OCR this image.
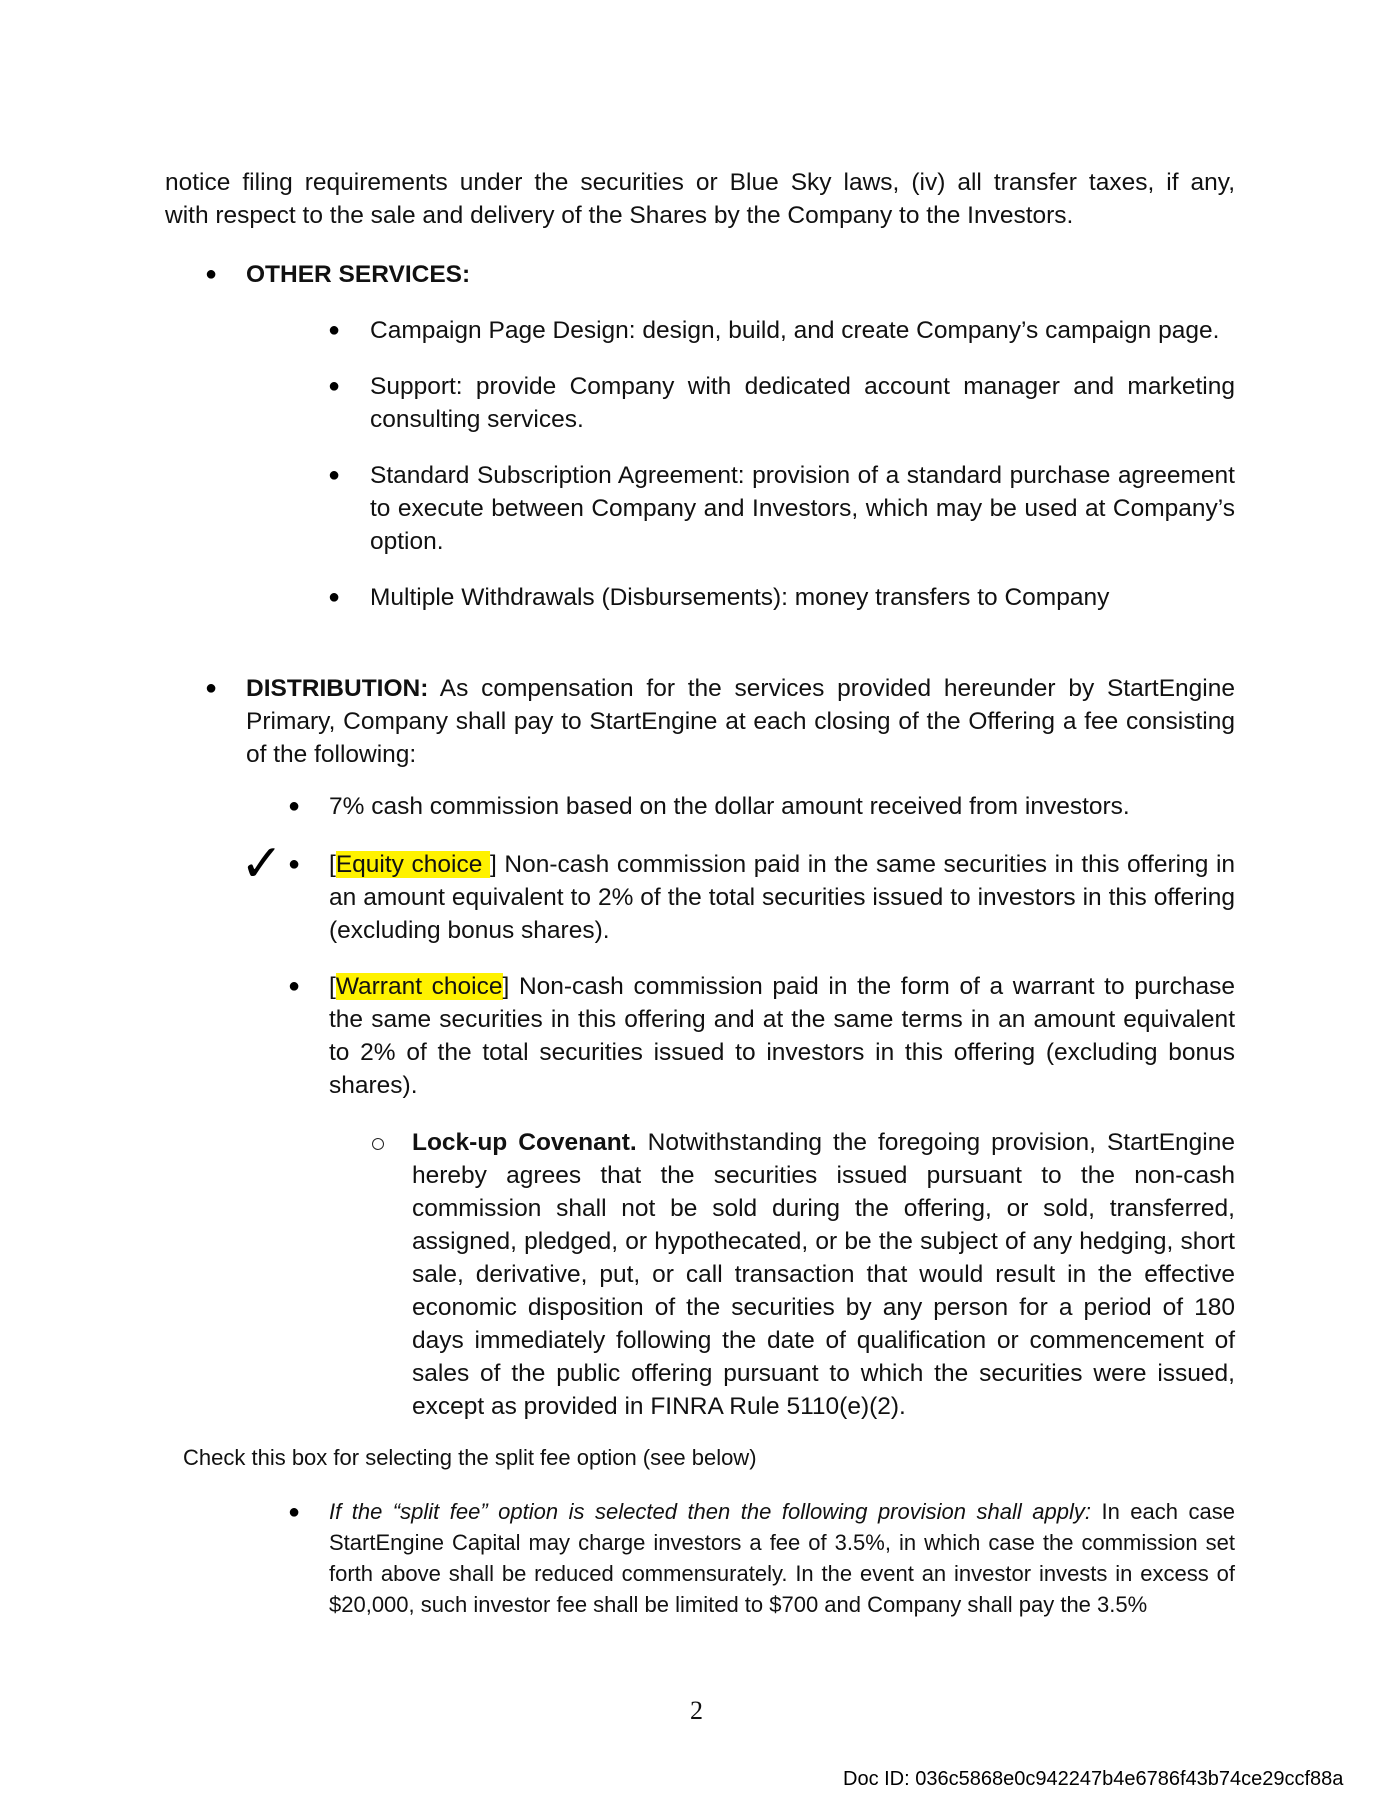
notice filing requirements under the securities or Blue Sky laws, (iv) all transfer taxes, if any,
with respect to the sale and delivery of the Shares by the Company to the Investors.
● OTHER SERVICES:
● Campaign Page Design: design, build, and create Company’s campaign page.
● Support: provide Company with dedicated account manager and marketing consulting services.
● Standard Subscription Agreement: provision of a standard purchase agreement to execute between Company and Investors, which may be used at Company’s option.
● Multiple Withdrawals (Disbursements): money transfers to Company
● DISTRIBUTION: As compensation for the services provided hereunder by StartEngine Primary, Company shall pay to StartEngine at each closing of the Offering a fee consisting of the following:
● 7% cash commission based on the dollar amount received from investors.
✓ ● [Equity choice ] Non-cash commission paid in the same securities in this offering in an amount equivalent to 2% of the total securities issued to investors in this offering (excluding bonus shares).
● [Warrant choice] Non-cash commission paid in the form of a warrant to purchase the same securities in this offering and at the same terms in an amount equivalent to 2% of the total securities issued to investors in this offering (excluding bonus shares).
Lock-up Covenant. Notwithstanding the foregoing provision, StartEngine hereby agrees that the securities issued pursuant to the non-cash commission shall not be sold during the offering, or sold, transferred, assigned, pledged, or hypothecated, or be the subject of any hedging, short sale, derivative, put, or call transaction that would result in the effective economic disposition of the securities by any person for a period of 180 days immediately following the date of qualification or commencement of sales of the public offering pursuant to which the securities were issued, except as provided in FINRA Rule 5110(e)(2).
Check this box for selecting the split fee option (see below)
● If the “split fee” option is selected then the following provision shall apply: In each case StartEngine Capital may charge investors a fee of 3.5%, in which case the commission set forth above shall be reduced commensurately. In the event an investor invests in excess of $20,000, such investor fee shall be limited to $700 and Company shall pay the 3.5%
2
Doc ID: 036c5868e0c942247b4e6786f43b74ce29ccf88a
